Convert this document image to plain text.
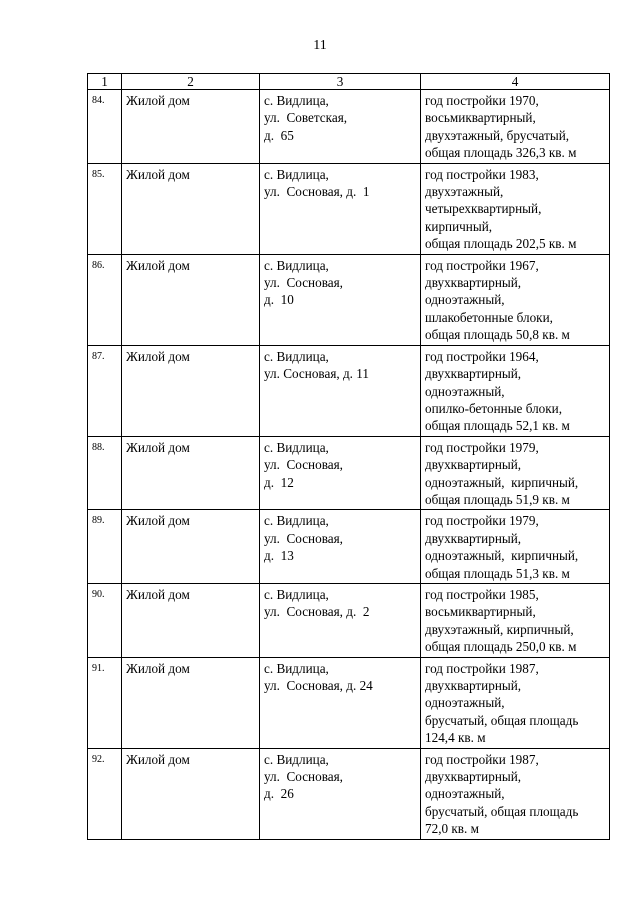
11
1	2	3	4
84.	Жилой дом	с. Видлица,
ул.  Советская,
д.  65	год постройки 1970,
восьмиквартирный,
двухэтажный, брусчатый,
общая площадь 326,3 кв. м

85.	Жилой дом	с. Видлица,
ул.  Сосновая, д.  1	год постройки 1983,
двухэтажный,
четырехквартирный,
кирпичный,
общая площадь 202,5 кв. м

86.	Жилой дом	с. Видлица,
ул.  Сосновая,
д.  10	год постройки 1967,
двухквартирный,
одноэтажный,
шлакобетонные блоки,
общая площадь 50,8 кв. м

87.	Жилой дом	с. Видлица,
ул. Сосновая, д. 11	год постройки 1964,
двухквартирный,
одноэтажный,
опилко-бетонные блоки,
общая площадь 52,1 кв. м

88.	Жилой дом	с. Видлица,
ул.  Сосновая,
д.  12	год постройки 1979,
двухквартирный,
одноэтажный,  кирпичный,
общая площадь 51,9 кв. м

89.	Жилой дом	с. Видлица,
ул.  Сосновая,
д.  13	год постройки 1979,
двухквартирный,
одноэтажный,  кирпичный,
общая площадь 51,3 кв. м

90.	Жилой дом	с. Видлица,
ул.  Сосновая, д.  2	год постройки 1985,
восьмиквартирный,
двухэтажный, кирпичный,
общая площадь 250,0 кв. м

91.	Жилой дом	с. Видлица,
ул.  Сосновая, д. 24	год постройки 1987,
двухквартирный,
одноэтажный,
брусчатый, общая площадь
124,4 кв. м

92.	Жилой дом	с. Видлица,
ул.  Сосновая,
д.  26	год постройки 1987,
двухквартирный,
одноэтажный,
брусчатый, общая площадь
72,0 кв. м
